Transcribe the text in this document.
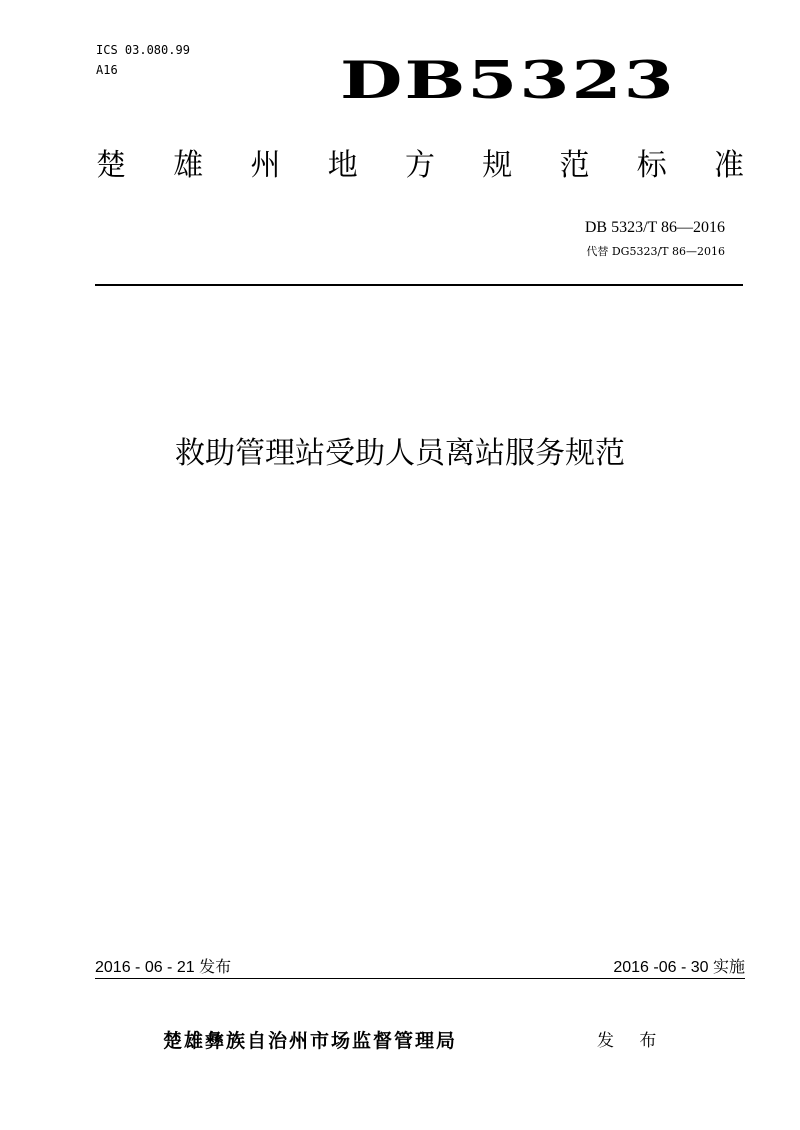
ICS 03.080.99
A16	DB5323
楚 雄 州 地 方 规 范 标 准
DB 5323/T 86—2016
代替 DG5323/T 86—2016
救助管理站受助人员离站服务规范
2016 - 06 - 21 发布	2016 -06 - 30 实施
楚雄彝族自治州市场监督管理局	发 布
